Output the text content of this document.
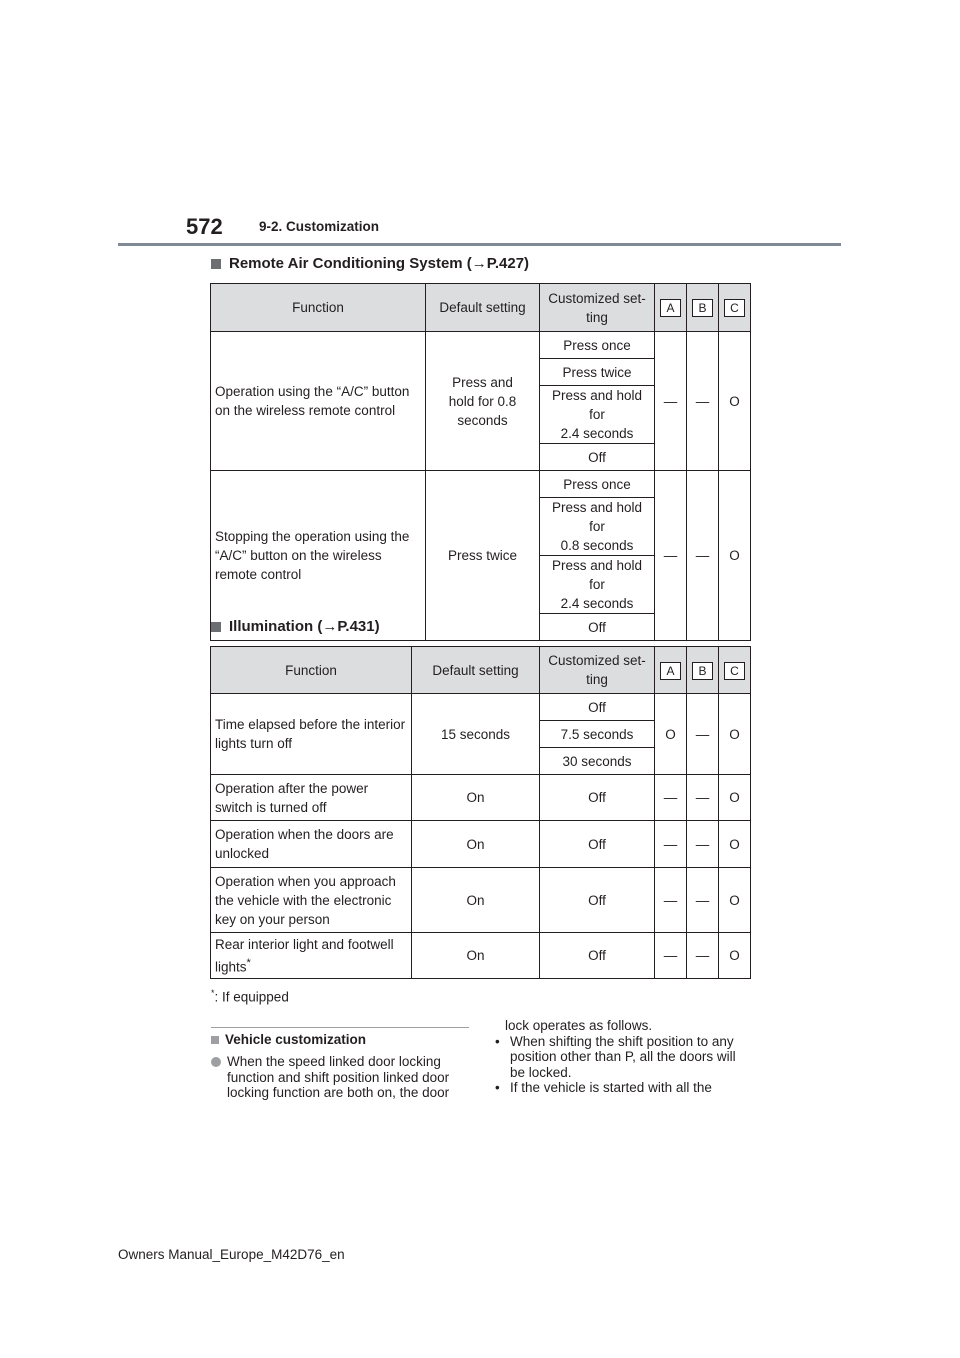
572	9-2. Customization
Remote Air Conditioning System (→P.427)
Function	Default setting	Customized set-
ting	A	B	C
Operation using the “A/C” button on the wireless remote control	Press and
hold for 0.8
seconds	Press once	—	—	O
		Press twice			
		Press and hold for
2.4 seconds			
		Off			
Stopping the operation using the “A/C” button on the wireless remote control	Press twice	Press once	—	—	O
		Press and hold for
0.8 seconds			
		Press and hold for
2.4 seconds			
		Off			
Illumination (→P.431)
Function	Default setting	Customized set-
ting	A	B	C
Time elapsed before the interior lights turn off	15 seconds	Off	O	—	O
		7.5 seconds			
		30 seconds			
Operation after the power switch is turned off	On	Off	—	—	O
Operation when the doors are unlocked	On	Off	—	—	O
Operation when you approach the vehicle with the electronic key on your person	On	Off	—	—	O
Rear interior light and footwell lights*	On	Off	—	—	O
*: If equipped
Vehicle customization
When the speed linked door locking function and shift position linked door locking function are both on, the door
lock operates as follows.
• When shifting the shift position to any position other than P, all the doors will be locked.
• If the vehicle is started with all the
Owners Manual_Europe_M42D76_en
